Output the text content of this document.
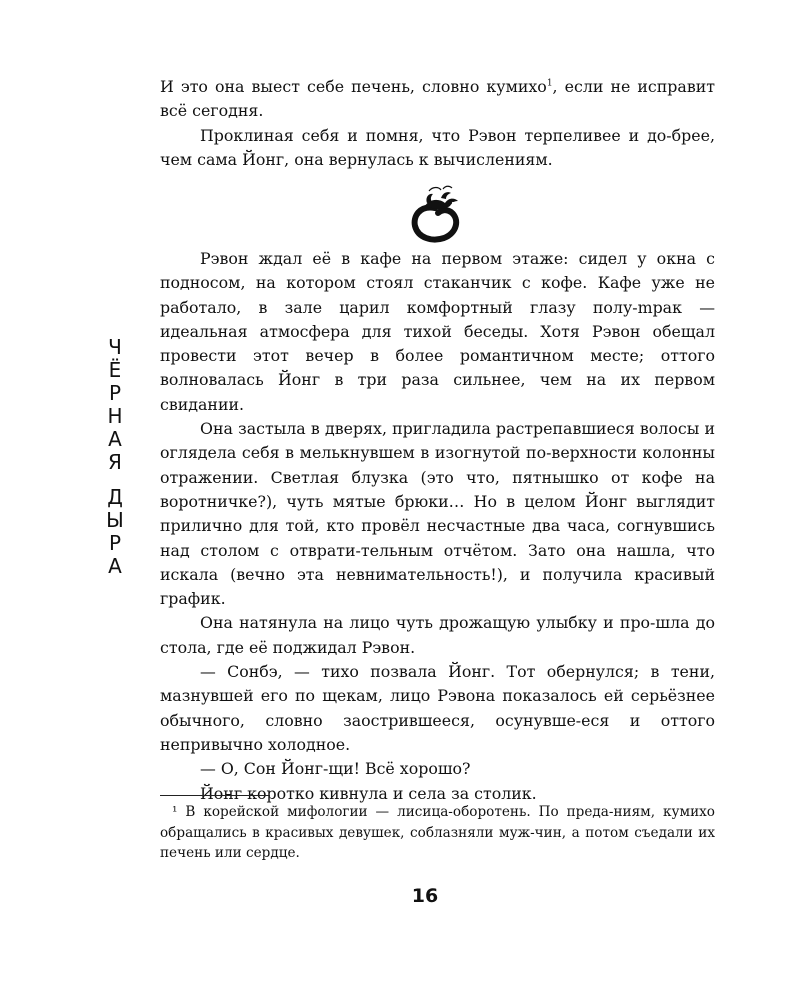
Ч
Ё
Р
Н
А
Я
Д
Ы
Р
А

И это она выест себе печень, словно кумихо$^1$, если не исправит всё сегодня.

Проклиная себя и помня, что Рэвон терпеливее и до-брее, чем сама Йонг, она вернулась к вычислениям.

Рэвон ждал её в кафе на первом этаже: сидел у окна с подносом, на котором стоял стаканчик с кофе. Кафе уже не работало, в зале царил комфортный глазу полу-mрак — идеальная атмосфера для тихой беседы. Хотя Рэвон обещал провести этот вечер в более романтичном месте; оттого волновалась Йонг в три раза сильнее, чем на их первом свидании.

Она застыла в дверях, пригладила растрепавшиеся волосы и оглядела себя в мелькнувшем в изогнутой по-верхности колонны отражении. Светлая блузка (это что, пятнышко от кофе на воротничке?), чуть мятые брюки… Но в целом Йонг выглядит прилично для той, кто провёл несчастные два часа, согнувшись над столом с отврати-тельным отчётом. Зато она нашла, что искала (вечно эта невнимательность!), и получила красивый график.

Она натянула на лицо чуть дрожащую улыбку и про-шла до стола, где её поджидал Рэвон.

— Сонбэ, — тихо позвала Йонг. Тот обернулся; в тени, мазнувшей его по щекам, лицо Рэвона показалось ей серьёзнее обычного, словно заострившееся, осунувше-еся и оттого непривычно холодное.

— О, Сон Йонг-щи! Всё хорошо?

Йонг коротко кивнула и села за столик.

¹ В корейской мифологии — лисица-оборотень. По преда-ниям, кумихо обращались в красивых девушек, соблазняли муж-чин, а потом съедали их печень или сердце.

16
